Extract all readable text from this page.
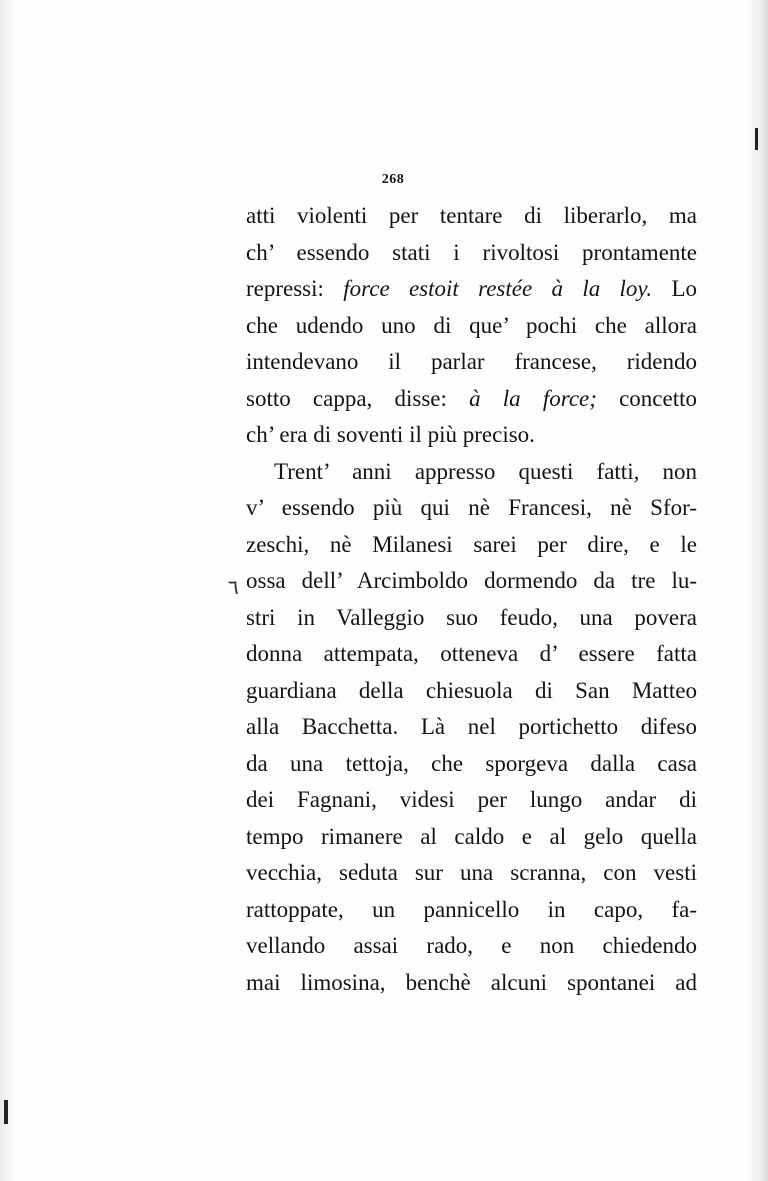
268
٦
atti violenti per tentare di liberarlo, ma
ch’ essendo stati i rivoltosi prontamente
repressi: force estoit restée à la loy. Lo
che udendo uno di que’ pochi che allora
intendevano il parlar francese, ridendo
sotto cappa, disse: à la force; concetto
ch’ era di soventi il più preciso.
Trent’ anni appresso questi fatti, non
v’ essendo più qui nè Francesi, nè Sfor-
zeschi, nè Milanesi sarei per dire, e le
ossa dell’ Arcimboldo dormendo da tre lu-
stri in Valleggio suo feudo, una povera
donna attempata, otteneva d’ essere fatta
guardiana della chiesuola di San Matteo
alla Bacchetta. Là nel portichetto difeso
da una tettoja, che sporgeva dalla casa
dei Fagnani, videsi per lungo andar di
tempo rimanere al caldo e al gelo quella
vecchia, seduta sur una scranna, con vesti
rattoppate, un pannicello in capo, fa-
vellando assai rado, e non chiedendo
mai limosina, benchè alcuni spontanei ad
